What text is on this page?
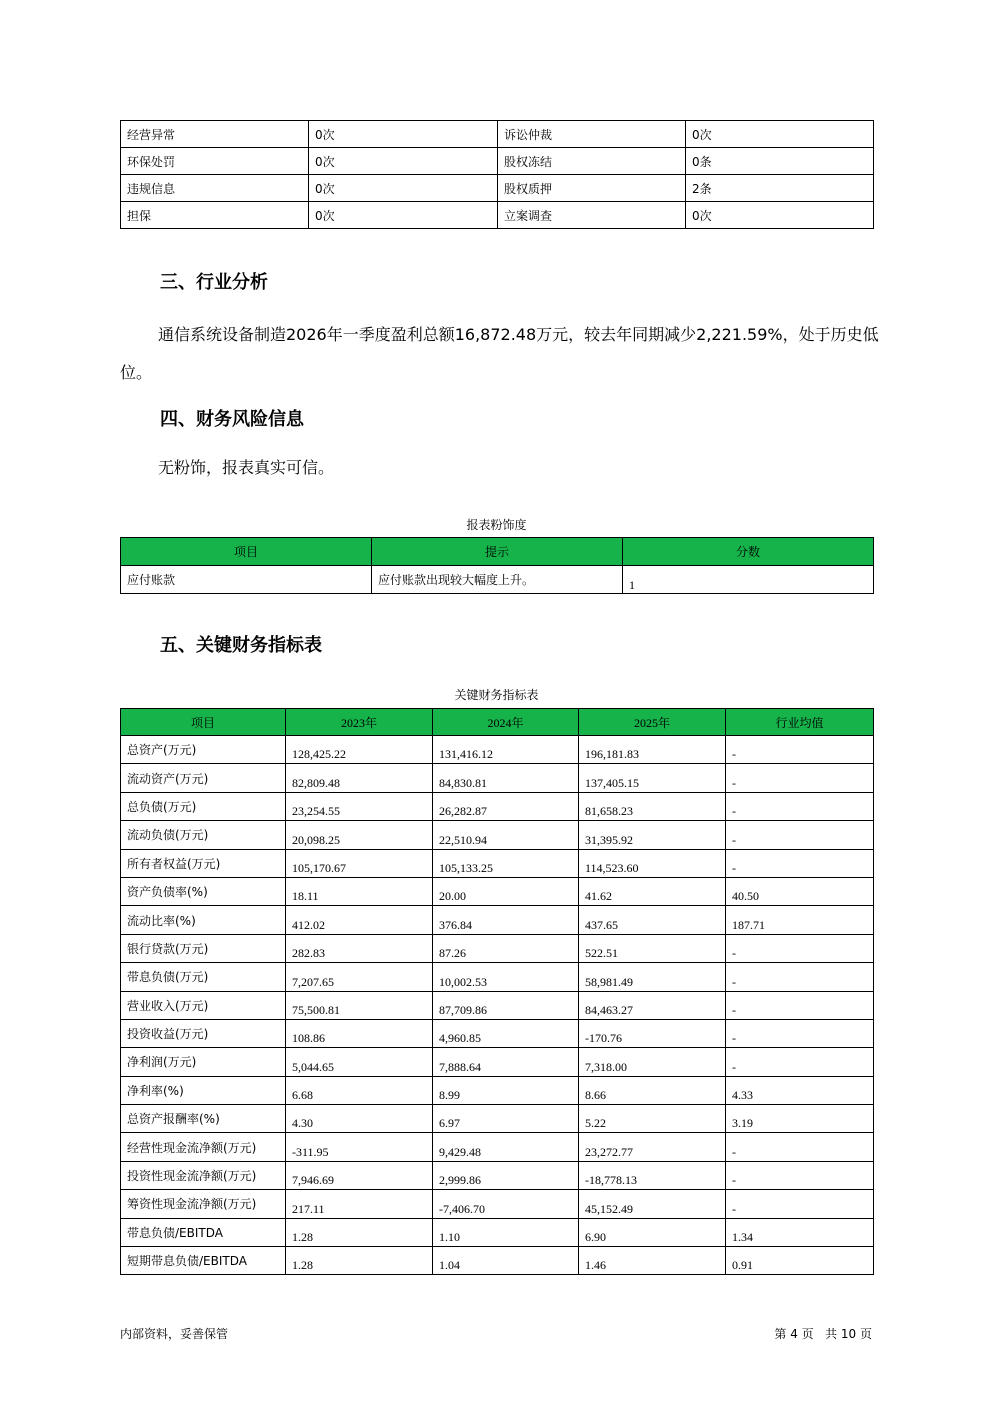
经营异常	0次	诉讼仲裁	0次
环保处罚	0次	股权冻结	0条
违规信息	0次	股权质押	2条
担保	0次	立案调查	0次
三、行业分析

通信系统设备制造2026年一季度盈利总额16,872.48万元，较去年同期减少2,221.59%，处于历史低位。

四、财务风险信息

无粉饰，报表真实可信。

报表粉饰度
项目	提示	分数
应付账款	应付账款出现较大幅度上升。	1
五、关键财务指标表
关键财务指标表
项目	2023年	2024年	2025年	行业均值
总资产(万元)	128,425.22	131,416.12	196,181.83	-
流动资产(万元)	82,809.48	84,830.81	137,405.15	-
总负债(万元)	23,254.55	26,282.87	81,658.23	-
流动负债(万元)	20,098.25	22,510.94	31,395.92	-
所有者权益(万元)	105,170.67	105,133.25	114,523.60	-
资产负债率(%)	18.11	20.00	41.62	40.50
流动比率(%)	412.02	376.84	437.65	187.71
银行贷款(万元)	282.83	87.26	522.51	-
带息负债(万元)	7,207.65	10,002.53	58,981.49	-
营业收入(万元)	75,500.81	87,709.86	84,463.27	-
投资收益(万元)	108.86	4,960.85	-170.76	-
净利润(万元)	5,044.65	7,888.64	7,318.00	-
净利率(%)	6.68	8.99	8.66	4.33
总资产报酬率(%)	4.30	6.97	5.22	3.19
经营性现金流净额(万元)	-311.95	9,429.48	23,272.77	-
投资性现金流净额(万元)	7,946.69	2,999.86	-18,778.13	-
筹资性现金流净额(万元)	217.11	-7,406.70	45,152.49	-
带息负债/EBITDA	1.28	1.10	6.90	1.34
短期带息负债/EBITDA	1.28	1.04	1.46	0.91
内部资料，妥善保管	第 4 页   共 10 页
